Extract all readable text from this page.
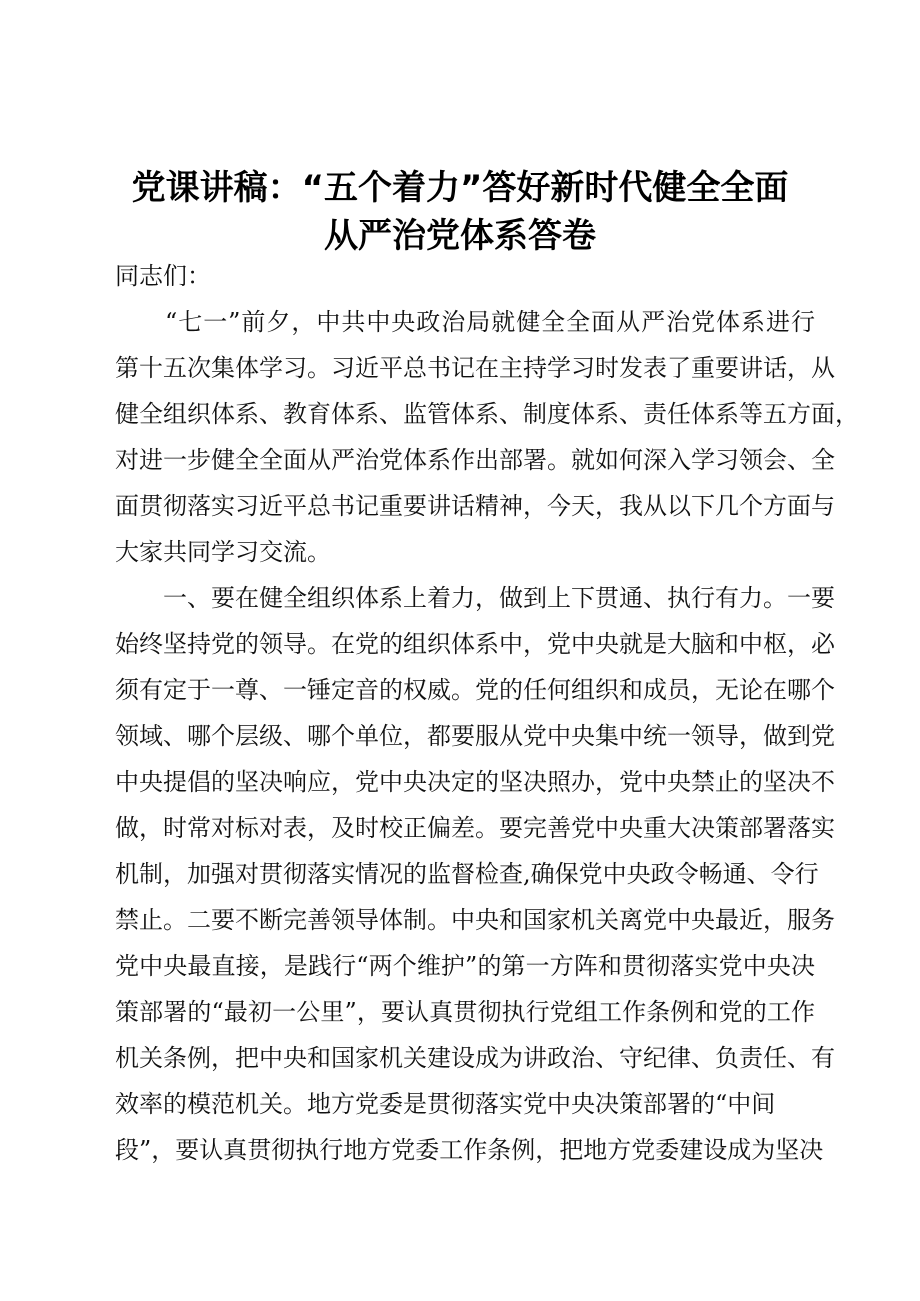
党课讲稿：“五个着力”答好新时代健全全面
从严治党体系答卷
同志们：
　　“七一”前夕，中共中央政治局就健全全面从严治党体系进行
第十五次集体学习。习近平总书记在主持学习时发表了重要讲话，从
健全组织体系、教育体系、监管体系、制度体系、责任体系等五方面，
对进一步健全全面从严治党体系作出部署。就如何深入学习领会、全
面贯彻落实习近平总书记重要讲话精神，今天，我从以下几个方面与
大家共同学习交流。
　　一、要在健全组织体系上着力，做到上下贯通、执行有力。一要
始终坚持党的领导。在党的组织体系中，党中央就是大脑和中枢，必
须有定于一尊、一锤定音的权威。党的任何组织和成员，无论在哪个
领域、哪个层级、哪个单位，都要服从党中央集中统一领导，做到党
中央提倡的坚决响应，党中央决定的坚决照办，党中央禁止的坚决不
做，时常对标对表，及时校正偏差。要完善党中央重大决策部署落实
机制，加强对贯彻落实情况的监督检查,确保党中央政令畅通、令行
禁止。二要不断完善领导体制。中央和国家机关离党中央最近，服务
党中央最直接，是践行“两个维护”的第一方阵和贯彻落实党中央决
策部署的“最初一公里”，要认真贯彻执行党组工作条例和党的工作
机关条例，把中央和国家机关建设成为讲政治、守纪律、负责任、有
效率的模范机关。地方党委是贯彻落实党中央决策部署的“中间
段”，要认真贯彻执行地方党委工作条例，把地方党委建设成为坚决
